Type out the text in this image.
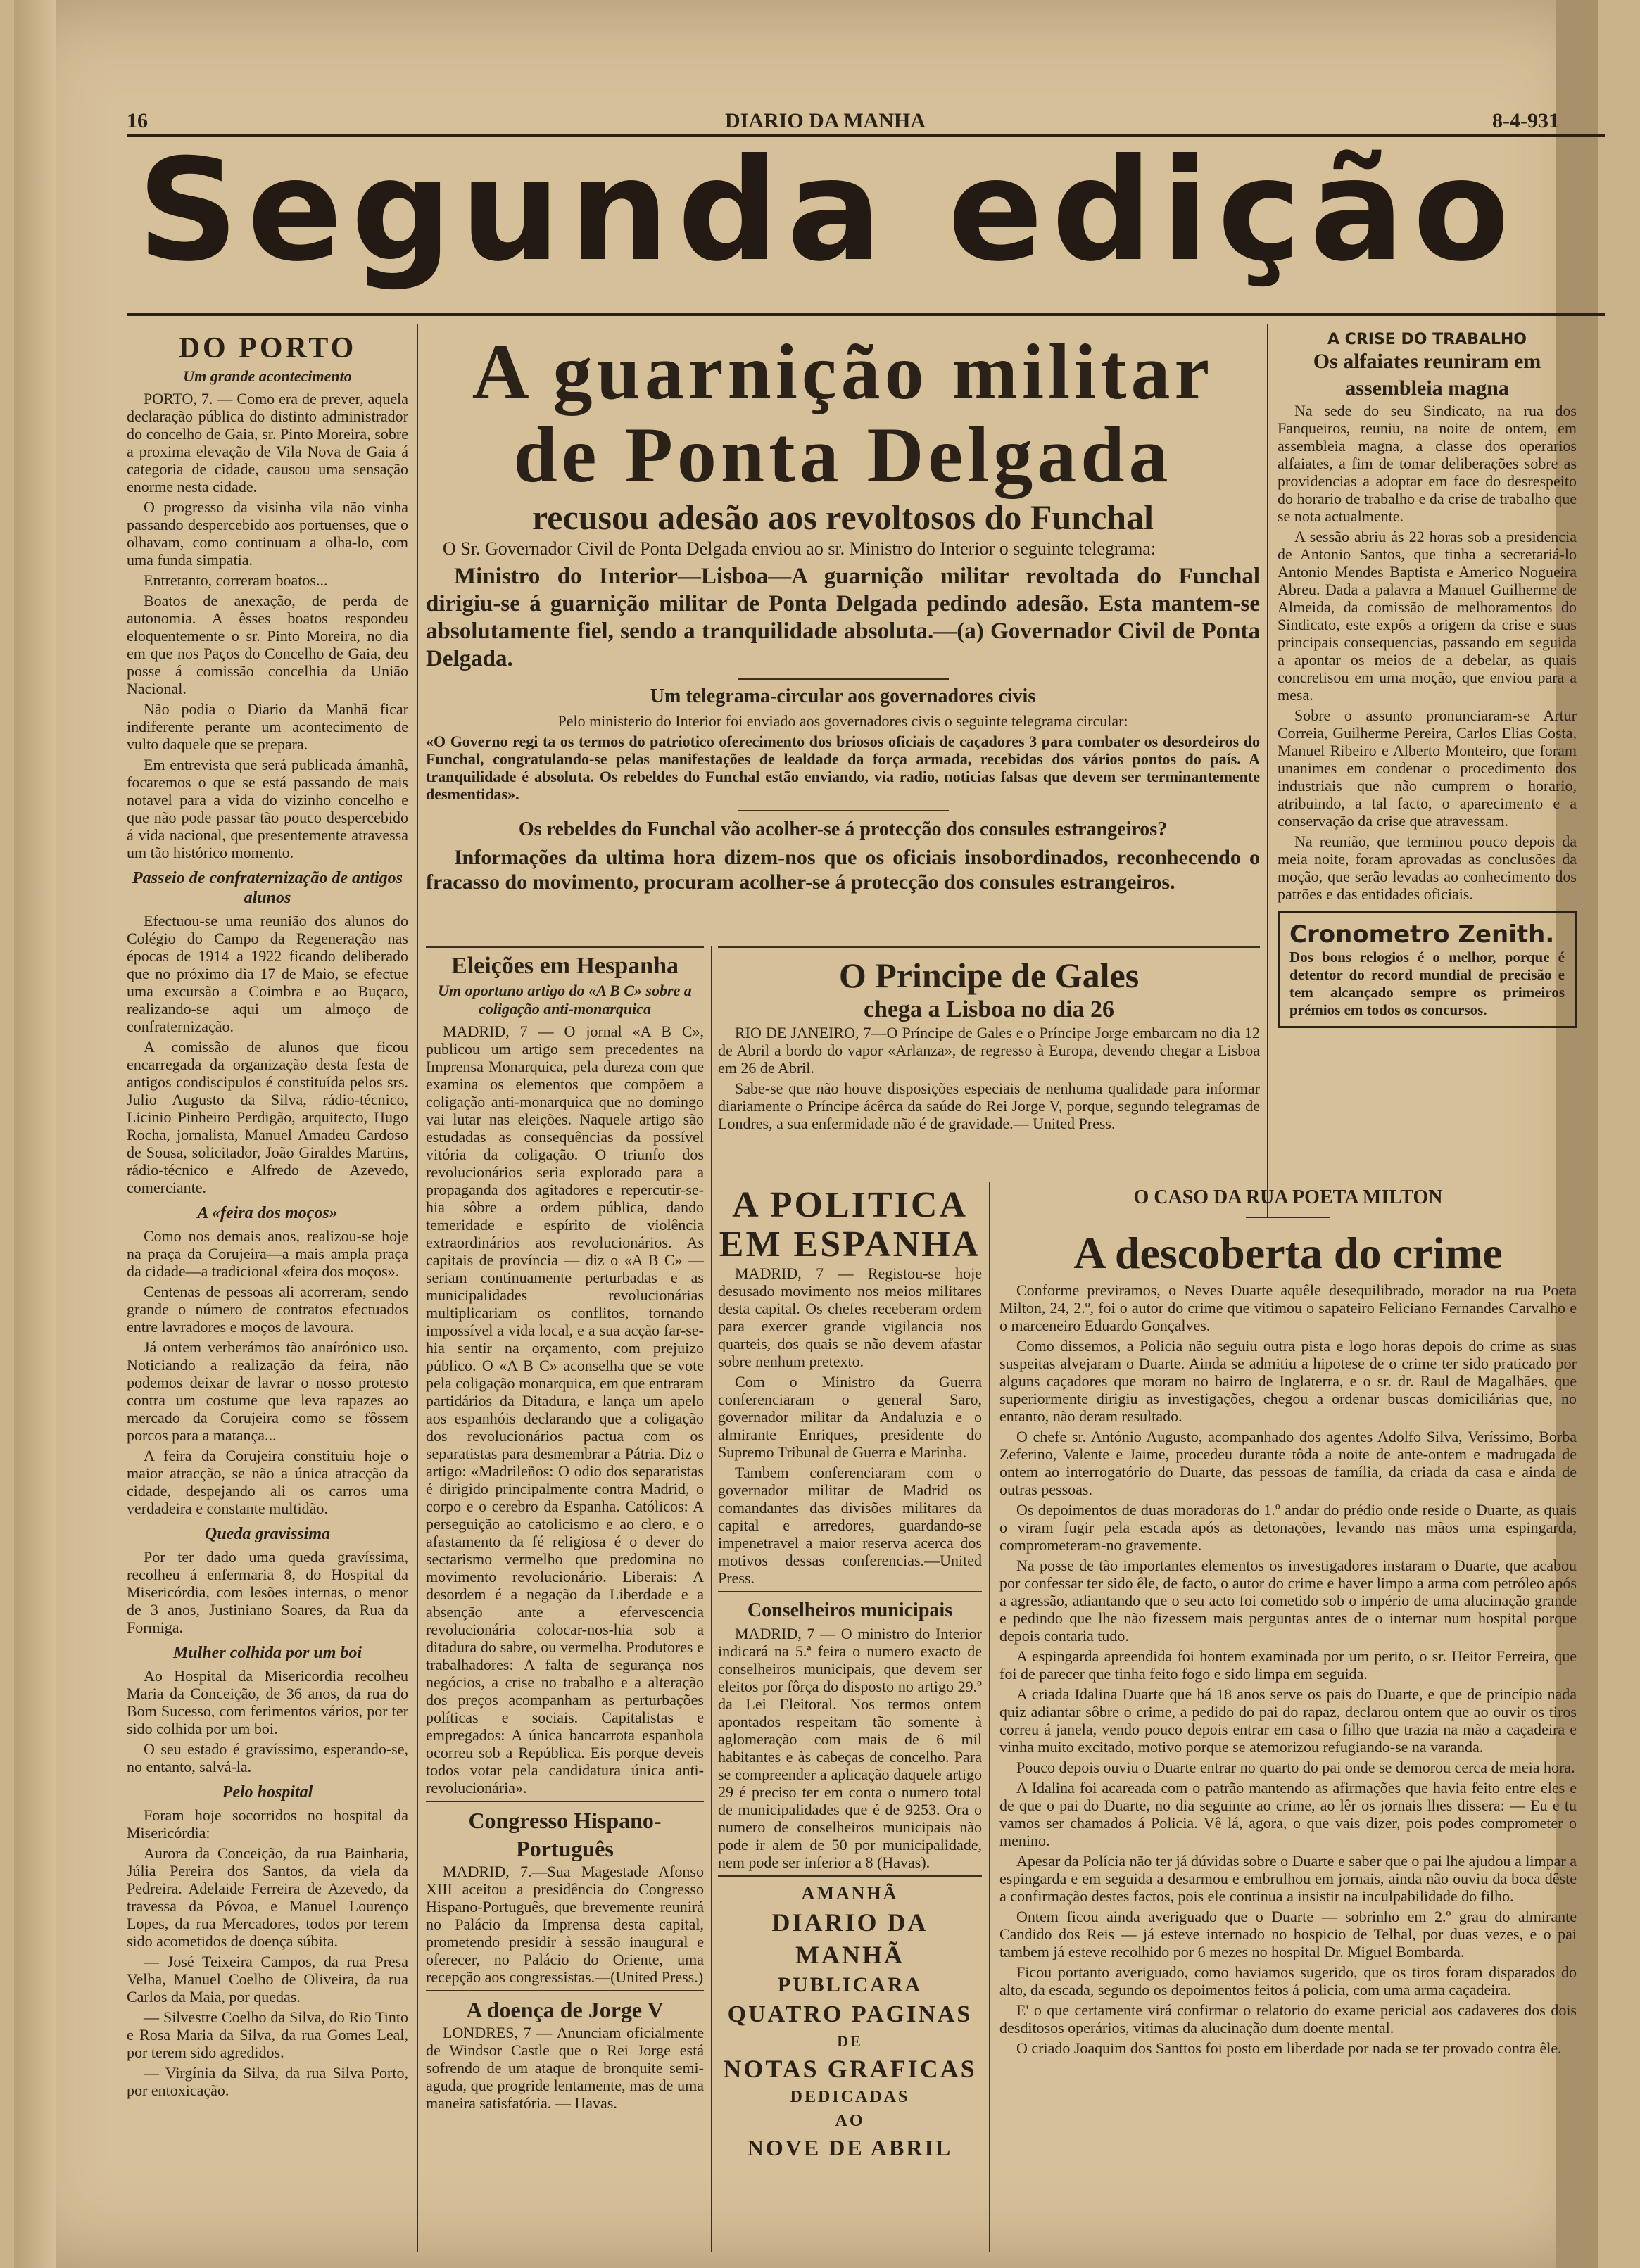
16	DIARIO DA MANHA	8-4-931
Segunda edição
DO PORTO
Um grande acontecimento

PORTO, 7. — Como era de prever, aquela declaração pública do distinto administrador do concelho de Gaia, sr. Pinto Moreira, sobre a proxima elevação de Vila Nova de Gaia á categoria de cidade, causou uma sensação enorme nesta cidade.

O progresso da visinha vila não vinha passando despercebido aos portuenses, que o olhavam, como continuam a olha-lo, com uma funda simpatia.

Entretanto, correram boatos...

Boatos de anexação, de perda de autonomia. A êsses boatos respondeu eloquentemente o sr. Pinto Moreira, no dia em que nos Paços do Concelho de Gaia, deu posse á comissão concelhia da União Nacional.

Não podia o Diario da Manhã ficar indiferente perante um acontecimento de vulto daquele que se prepara.

Em entrevista que será publicada ámanhã, focaremos o que se está passando de mais notavel para a vida do vizinho concelho e que não pode passar tão pouco despercebido á vida nacional, que presentemente atravessa um tão histórico momento.

Passeio de confraternização de antigos alunos

Efectuou-se uma reunião dos alunos do Colégio do Campo da Regeneração nas épocas de 1914 a 1922 ficando deliberado que no próximo dia 17 de Maio, se efectue uma excursão a Coimbra e ao Buçaco, realizando-se aqui um almoço de confraternização.

A comissão de alunos que ficou encarregada da organização desta festa de antigos condiscipulos é constituída pelos srs. Julio Augusto da Silva, rádio-técnico, Licinio Pinheiro Perdigão, arquitecto, Hugo Rocha, jornalista, Manuel Amadeu Cardoso de Sousa, solicitador, João Giraldes Martins, rádio-técnico e Alfredo de Azevedo, comerciante.

A «feira dos moços»

Como nos demais anos, realizou-se hoje na praça da Corujeira—a mais ampla praça da cidade—a tradicional «feira dos moços».

Centenas de pessoas ali acorreram, sendo grande o número de contratos efectuados entre lavradores e moços de lavoura.

Já ontem verberámos tão anaírónico uso. Noticiando a realização da feira, não podemos deixar de lavrar o nosso protesto contra um costume que leva rapazes ao mercado da Corujeira como se fôssem porcos para a matança...

A feira da Corujeira constituiu hoje o maior atracção, se não a única atracção da cidade, despejando ali os carros uma verdadeira e constante multidão.

Queda gravissima

Por ter dado uma queda gravíssima, recolheu á enfermaria 8, do Hospital da Misericórdia, com lesões internas, o menor de 3 anos, Justiniano Soares, da Rua da Formiga.

Mulher colhida por um boi

Ao Hospital da Misericordia recolheu Maria da Conceição, de 36 anos, da rua do Bom Sucesso, com ferimentos vários, por ter sido colhida por um boi.

O seu estado é gravíssimo, esperando-se, no entanto, salvá-la.

Pelo hospital

Foram hoje socorridos no hospital da Misericórdia:

Aurora da Conceição, da rua Bainharia, Júlia Pereira dos Santos, da viela da Pedreira. Adelaide Ferreira de Azevedo, da travessa da Póvoa, e Manuel Lourenço Lopes, da rua Mercadores, todos por terem sido acometidos de doença súbita.

— José Teixeira Campos, da rua Presa Velha, Manuel Coelho de Oliveira, da rua Carlos da Maia, por quedas.

— Silvestre Coelho da Silva, do Rio Tinto e Rosa Maria da Silva, da rua Gomes Leal, por terem sido agredidos.

— Virgínia da Silva, da rua Silva Porto, por entoxicação.

A guarnição militar de Ponta Delgada
recusou adesão aos revoltosos do Funchal

O Sr. Governador Civil de Ponta Delgada enviou ao sr. Ministro do Interior o seguinte telegrama:

Ministro do Interior—Lisboa—A guarnição militar revoltada do Funchal dirigiu-se á guarnição militar de Ponta Delgada pedindo adesão. Esta mantem-se absolutamente fiel, sendo a tranquilidade absoluta.—(a) Governador Civil de Ponta Delgada.
Um telegrama-circular aos governadores civis

Pelo ministerio do Interior foi enviado aos governadores civis o seguinte telegrama circular:

«O Governo regi ta os termos do patriotico oferecimento dos briosos oficiais de caçadores 3 para combater os desordeiros do Funchal, congratulando-se pelas manifestações de lealdade da força armada, recebidas dos vários pontos do país. A tranquilidade é absoluta. Os rebeldes do Funchal estão enviando, via radio, noticias falsas que devem ser terminantemente desmentidas».
Os rebeldes do Funchal vão acolher-se á protecção dos consules estrangeiros?
Informações da ultima hora dizem-nos que os oficiais insobordinados, reconhecendo o fracasso do movimento, procuram acolher-se á protecção dos consules estrangeiros.
Eleições em Hespanha
Um oportuno artigo do «A B C» sobre a coligação anti-monarquica

MADRID, 7 — O jornal «A B C», publicou um artigo sem precedentes na Imprensa Monarquica, pela dureza com que examina os elementos que compõem a coligação anti-monarquica que no domingo vai lutar nas eleições. Naquele artigo são estudadas as consequências da possível vitória da coligação. O triunfo dos revolucionários seria explorado para a propaganda dos agitadores e repercutir-se-hia sôbre a ordem pública, dando temeridade e espírito de violência extraordinários aos revolucionários. As capitais de província — diz o «A B C» — seriam continuamente perturbadas e as municipalidades revolucionárias multiplicariam os conflitos, tornando impossível a vida local, e a sua acção far-se-hia sentir na orçamento, com prejuizo público. O «A B C» aconselha que se vote pela coligação monarquica, em que entraram partidários da Ditadura, e lança um apelo aos espanhóis declarando que a coligação dos revolucionários pactua com os separatistas para desmembrar a Pátria. Diz o artigo: «Madrileños: O odio dos separatistas é dirigido principalmente contra Madrid, o corpo e o cerebro da Espanha. Católicos: A perseguição ao catolicismo e ao clero, e o afastamento da fé religiosa é o dever do sectarismo vermelho que predomina no movimento revolucionário. Liberais: A desordem é a negação da Liberdade e a absenção ante a efervescencia revolucionária colocar-nos-hia sob a ditadura do sabre, ou vermelha. Produtores e trabalhadores: A falta de segurança nos negócios, a crise no trabalho e a alteração dos preços acompanham as perturbações políticas e sociais. Capitalistas e empregados: A única bancarrota espanhola ocorreu sob a República. Eis porque deveis todos votar pela candidatura única anti-revolucionária».

Congresso Hispano-Português

MADRID, 7.—Sua Magestade Afonso XIII aceitou a presidência do Congresso Hispano-Português, que brevemente reunirá no Palácio da Imprensa desta capital, prometendo presidir à sessão inaugural e oferecer, no Palácio do Oriente, uma recepção aos congressistas.—(United Press.)

A doença de Jorge V

LONDRES, 7 — Anunciam oficialmente de Windsor Castle que o Rei Jorge está sofrendo de um ataque de bronquite semi-aguda, que progride lentamente, mas de uma maneira satisfatória. — Havas.

O Principe de Gales
chega a Lisboa no dia 26

RIO DE JANEIRO, 7—O Príncipe de Gales e o Príncipe Jorge embarcam no dia 12 de Abril a bordo do vapor «Arlanza», de regresso à Europa, devendo chegar a Lisboa em 26 de Abril.

Sabe-se que não houve disposições especiais de nenhuma qualidade para informar diariamente o Príncipe ácêrca da saúde do Rei Jorge V, porque, segundo telegramas de Londres, a sua enfermidade não é de gravidade.— United Press.

A POLITICA EM ESPANHA

MADRID, 7 — Registou-se hoje desusado movimento nos meios militares desta capital. Os chefes receberam ordem para exercer grande vigilancia nos quarteis, dos quais se não devem afastar sobre nenhum pretexto.

Com o Ministro da Guerra conferenciaram o general Saro, governador militar da Andaluzia e o almirante Enriques, presidente do Supremo Tribunal de Guerra e Marinha.

Tambem conferenciaram com o governador militar de Madrid os comandantes das divisões militares da capital e arredores, guardando-se impenetravel a maior reserva acerca dos motivos dessas conferencias.—United Press.

Conselheiros municipais

MADRID, 7 — O ministro do Interior indicará na 5.ª feira o numero exacto de conselheiros municipais, que devem ser eleitos por fôrça do disposto no artigo 29.º da Lei Eleitoral. Nos termos ontem apontados respeitam tão somente à aglomeração com mais de 6 mil habitantes e às cabeças de concelho. Para se compreender a aplicação daquele artigo 29 é preciso ter em conta o numero total de municipalidades que é de 9253. Ora o numero de conselheiros municipais não pode ir alem de 50 por municipalidade, nem pode ser inferior a 8 (Havas).

AMANHÃ
DIARIO DA MANHÃ
PUBLICARA
QUATRO PAGINAS
DE
NOTAS GRAFICAS
DEDICADAS
AO
NOVE DE ABRIL
A CRISE DO TRABALHO
Os alfaiates reuniram em assembleia magna

Na sede do seu Sindicato, na rua dos Fanqueiros, reuniu, na noite de ontem, em assembleia magna, a classe dos operarios alfaiates, a fim de tomar deliberações sobre as providencias a adoptar em face do desrespeito do horario de trabalho e da crise de trabalho que se nota actualmente.

A sessão abriu ás 22 horas sob a presidencia de Antonio Santos, que tinha a secretariá-lo Antonio Mendes Baptista e Americo Nogueira Abreu. Dada a palavra a Manuel Guilherme de Almeida, da comissão de melhoramentos do Sindicato, este expôs a origem da crise e suas principais consequencias, passando em seguida a apontar os meios de a debelar, as quais concretisou em uma moção, que enviou para a mesa.

Sobre o assunto pronunciaram-se Artur Correia, Guilherme Pereira, Carlos Elias Costa, Manuel Ribeiro e Alberto Monteiro, que foram unanimes em condenar o procedimento dos industriais que não cumprem o horario, atribuindo, a tal facto, o aparecimento e a conservação da crise que atravessam.

Na reunião, que terminou pouco depois da meia noite, foram aprovadas as conclusões da moção, que serão levadas ao conhecimento dos patrões e das entidades oficiais.

Cronometro Zenith.
Dos bons relogios é o melhor, porque é detentor do record mundial de precisão e tem alcançado sempre os primeiros prémios em todos os concursos.
O CASO DA RUA POETA MILTON
A descoberta do crime

Conforme previramos, o Neves Duarte aquêle desequilibrado, morador na rua Poeta Milton, 24, 2.º, foi o autor do crime que vitimou o sapateiro Feliciano Fernandes Carvalho e o marceneiro Eduardo Gonçalves.

Como dissemos, a Policia não seguiu outra pista e logo horas depois do crime as suas suspeitas alvejaram o Duarte. Ainda se admitiu a hipotese de o crime ter sido praticado por alguns caçadores que moram no bairro de Inglaterra, e o sr. dr. Raul de Magalhães, que superiormente dirigiu as investigações, chegou a ordenar buscas domiciliárias que, no entanto, não deram resultado.

O chefe sr. António Augusto, acompanhado dos agentes Adolfo Silva, Veríssimo, Borba Zeferino, Valente e Jaime, procedeu durante tôda a noite de ante-ontem e madrugada de ontem ao interrogatório do Duarte, das pessoas de família, da criada da casa e ainda de outras pessoas.

Os depoimentos de duas moradoras do 1.º andar do prédio onde reside o Duarte, as quais o viram fugir pela escada após as detonações, levando nas mãos uma espingarda, comprometeram-no gravemente.

Na posse de tão importantes elementos os investigadores instaram o Duarte, que acabou por confessar ter sido êle, de facto, o autor do crime e haver limpo a arma com petróleo após a agressão, adiantando que o seu acto foi cometido sob o império de uma alucinação grande e pedindo que lhe não fizessem mais perguntas antes de o internar num hospital porque depois contaria tudo.

A espingarda apreendida foi hontem examinada por um perito, o sr. Heitor Ferreira, que foi de parecer que tinha feito fogo e sido limpa em seguida.

A criada Idalina Duarte que há 18 anos serve os pais do Duarte, e que de princípio nada quiz adiantar sôbre o crime, a pedido do pai do rapaz, declarou ontem que ao ouvir os tiros correu á janela, vendo pouco depois entrar em casa o filho que trazia na mão a caçadeira e vinha muito excitado, motivo porque se atemorizou refugiando-se na varanda.

Pouco depois ouviu o Duarte entrar no quarto do pai onde se demorou cerca de meia hora.

A Idalina foi acareada com o patrão mantendo as afirmações que havia feito entre eles e de que o pai do Duarte, no dia seguinte ao crime, ao lêr os jornais lhes dissera: — Eu e tu vamos ser chamados á Policia. Vê lá, agora, o que vais dizer, pois podes comprometer o menino.

Apesar da Polícia não ter já dúvidas sobre o Duarte e saber que o pai lhe ajudou a limpar a espingarda e em seguida a desarmou e embrulhou em jornais, ainda não ouviu da boca dêste a confirmação destes factos, pois ele continua a insistir na inculpabilidade do filho.

Ontem ficou ainda averiguado que o Duarte — sobrinho em 2.º grau do almirante Candido dos Reis — já esteve internado no hospicio de Telhal, por duas vezes, e o pai tambem já esteve recolhido por 6 mezes no hospital Dr. Miguel Bombarda.

Ficou portanto averiguado, como haviamos sugerido, que os tiros foram disparados do alto, da escada, segundo os depoimentos feitos á policia, com uma arma caçadeira.

E' o que certamente virá confirmar o relatorio do exame pericial aos cadaveres dos dois desditosos operários, vitimas da alucinação dum doente mental.

O criado Joaquim dos Santtos foi posto em liberdade por nada se ter provado contra êle.
